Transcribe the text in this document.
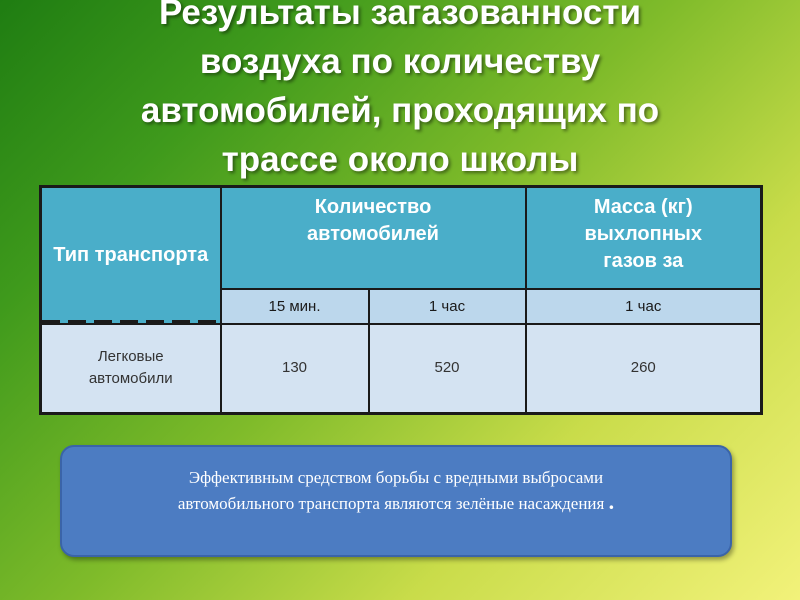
Результаты загазованности
воздуха по количеству
автомобилей, проходящих по
трассе около школы
Тип транспорта	Количество автомобилей		Масса (кг) выхлопных газов за

	15 мин.	1 час	1 час

Легковые автомобили	130	520	260
Эффективным средством борьбы с вредными выбросами
автомобильного транспорта являются зелёные насаждения .
